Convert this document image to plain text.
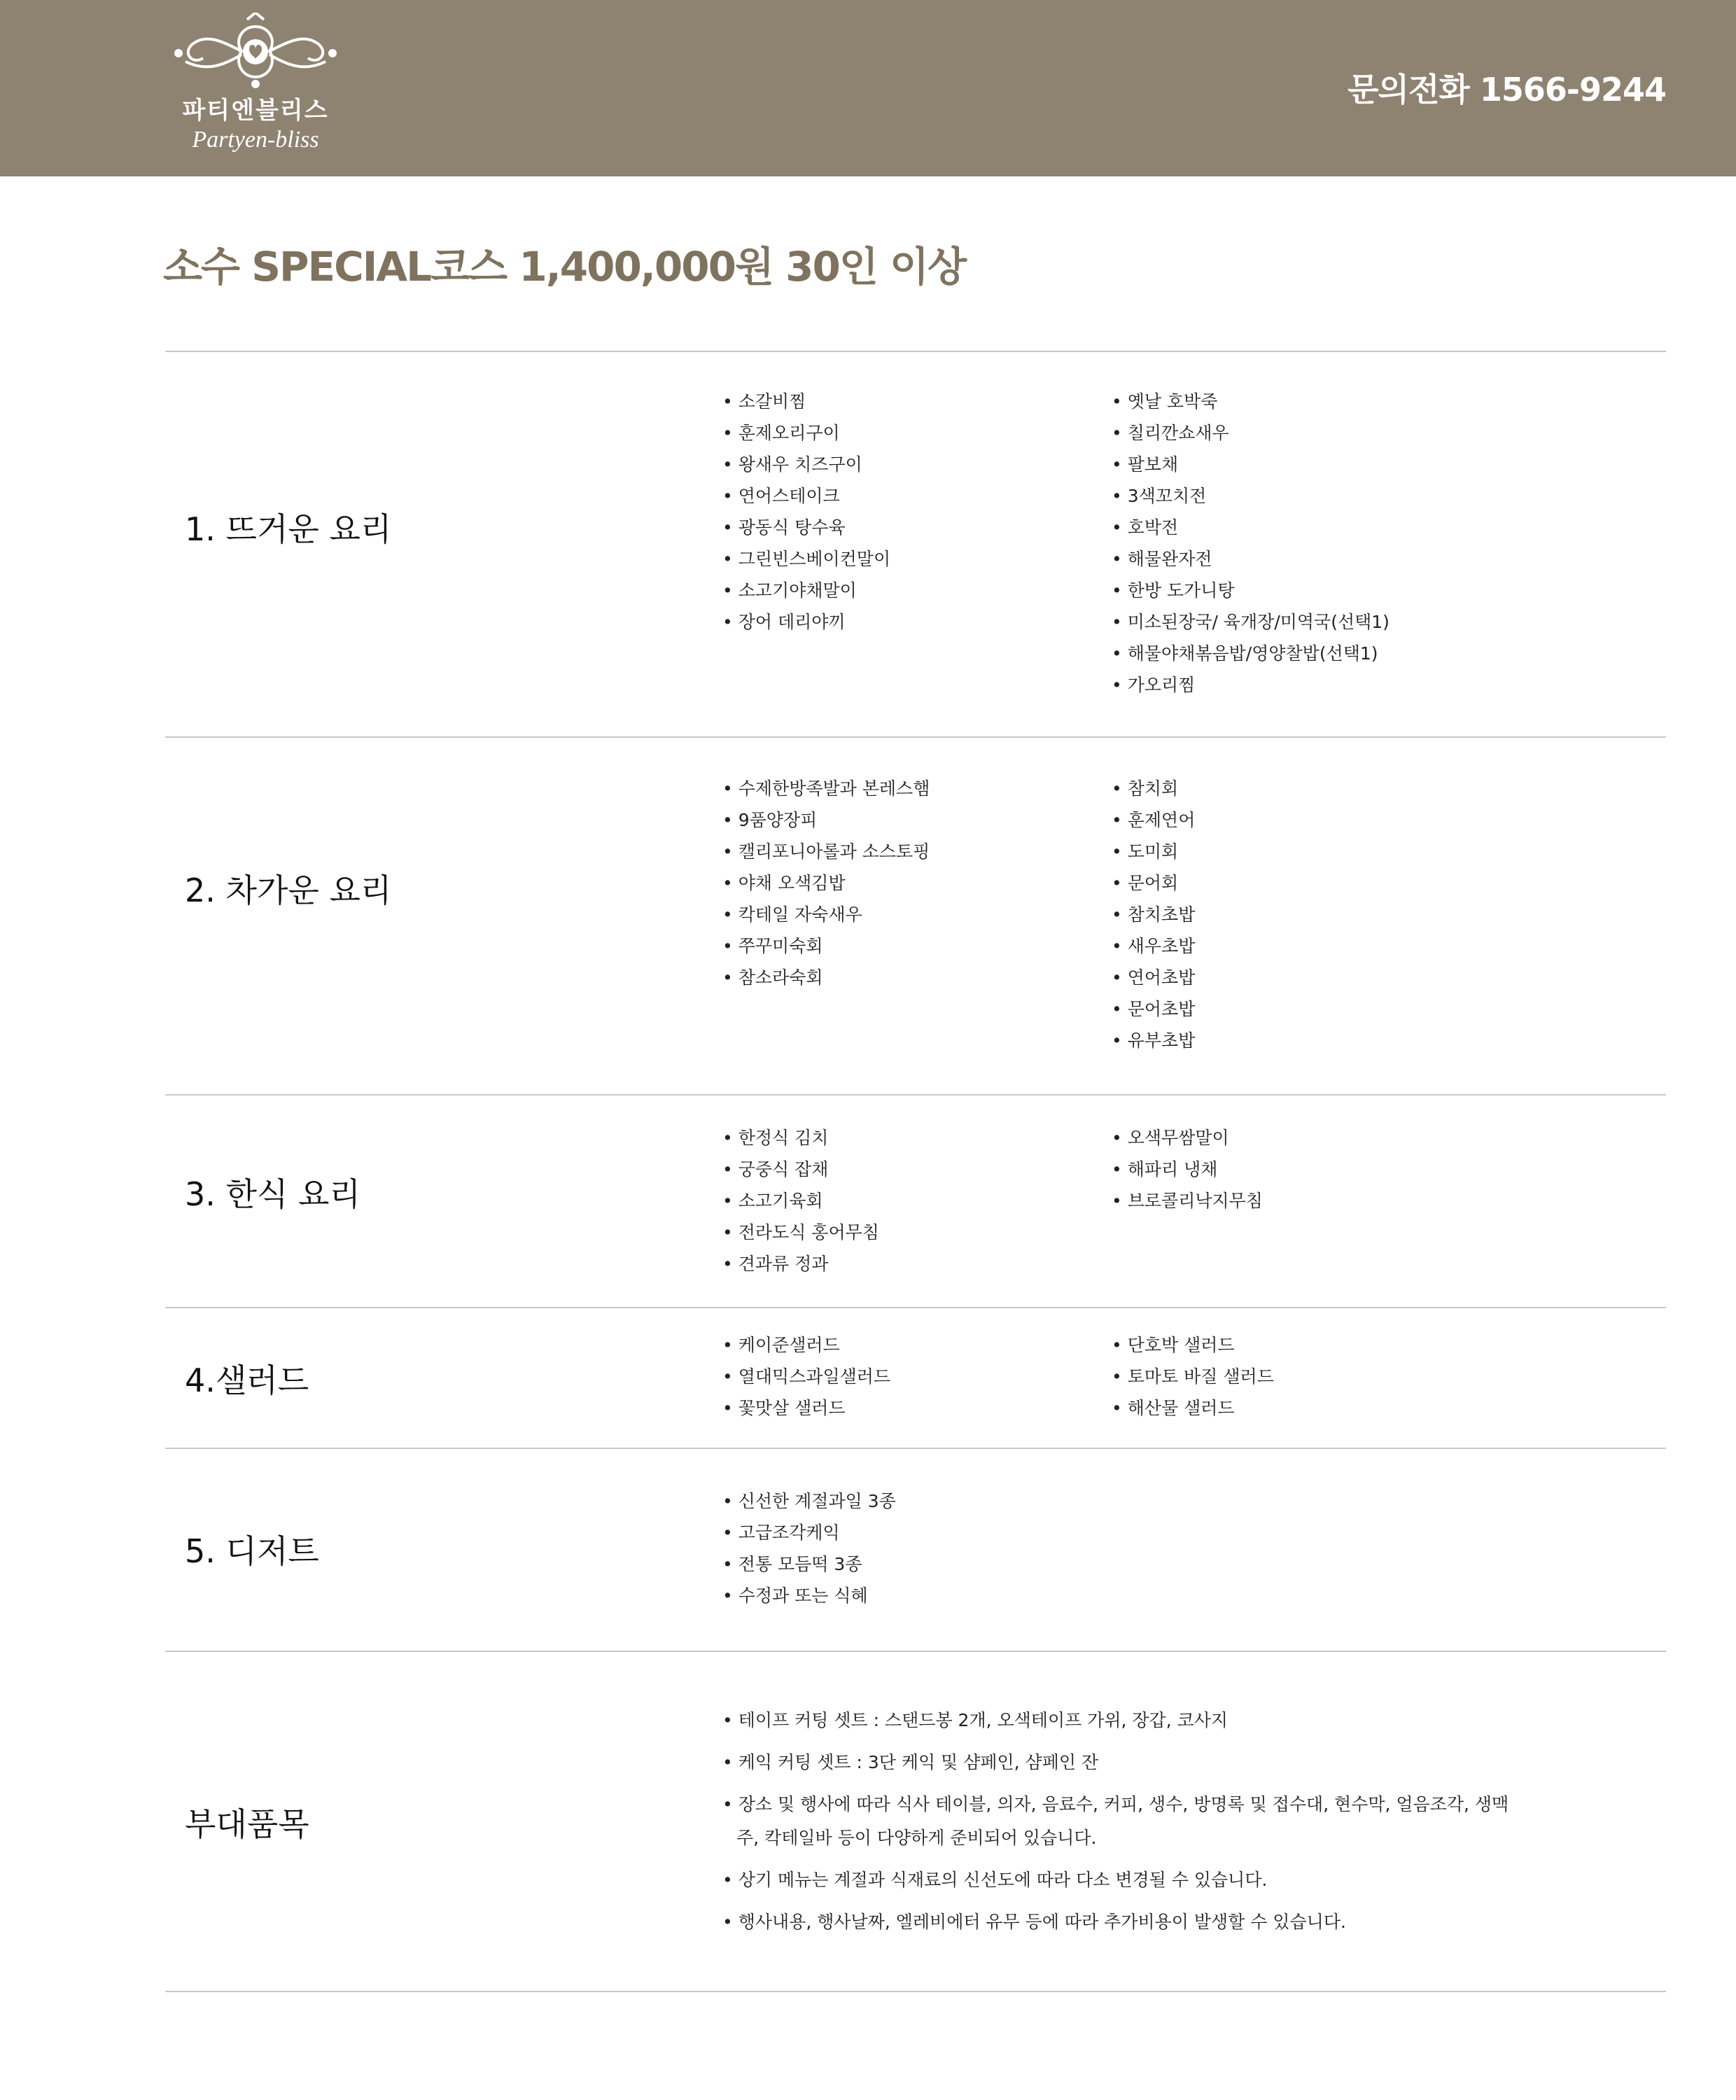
파티엔블리스
Partyen-bliss
문의전화 1566-9244
소수 SPECIAL코스 1,400,000원 30인 이상
1. 뜨거운 요리
• 소갈비찜
• 훈제오리구이
• 왕새우 치즈구이
• 연어스테이크
• 광동식 탕수육
• 그린빈스베이컨말이
• 소고기야채말이
• 장어 데리야끼
• 옛날 호박죽
• 칠리깐쇼새우
• 팔보채
• 3색꼬치전
• 호박전
• 해물완자전
• 한방 도가니탕
• 미소된장국/ 육개장/미역국(선택1)
• 해물야채볶음밥/영양찰밥(선택1)
• 가오리찜
2. 차가운 요리
• 수제한방족발과 본레스햄
• 9품양장피
• 캘리포니아롤과 소스토핑
• 야채 오색김밥
• 칵테일 자숙새우
• 쭈꾸미숙회
• 참소라숙회
• 참치회
• 훈제연어
• 도미회
• 문어회
• 참치초밥
• 새우초밥
• 연어초밥
• 문어초밥
• 유부초밥
3. 한식 요리
• 한정식 김치
• 궁중식 잡채
• 소고기육회
• 전라도식 홍어무침
• 견과류 정과
• 오색무쌈말이
• 해파리 냉채
• 브로콜리낙지무침
4.샐러드
• 케이준샐러드
• 열대믹스과일샐러드
• 꽃맛살 샐러드
• 단호박 샐러드
• 토마토 바질 샐러드
• 해산물 샐러드
5. 디저트
• 신선한 계절과일 3종
• 고급조각케익
• 전통 모듬떡 3종
• 수정과 또는 식혜
부대품목
• 테이프 커팅 셋트 : 스탠드봉 2개, 오색테이프 가위, 장갑, 코사지
• 케익 커팅 셋트 : 3단 케익 및 샴페인, 샴페인 잔
• 장소 및 행사에 따라 식사 테이블, 의자, 음료수, 커피, 생수, 방명록 및 접수대, 현수막, 얼음조각, 생맥주, 칵테일바 등이 다양하게 준비되어 있습니다.
• 상기 메뉴는 계절과 식재료의 신선도에 따라 다소 변경될 수 있습니다.
• 행사내용, 행사날짜, 엘레비에터 유무 등에 따라 추가비용이 발생할 수 있습니다.
